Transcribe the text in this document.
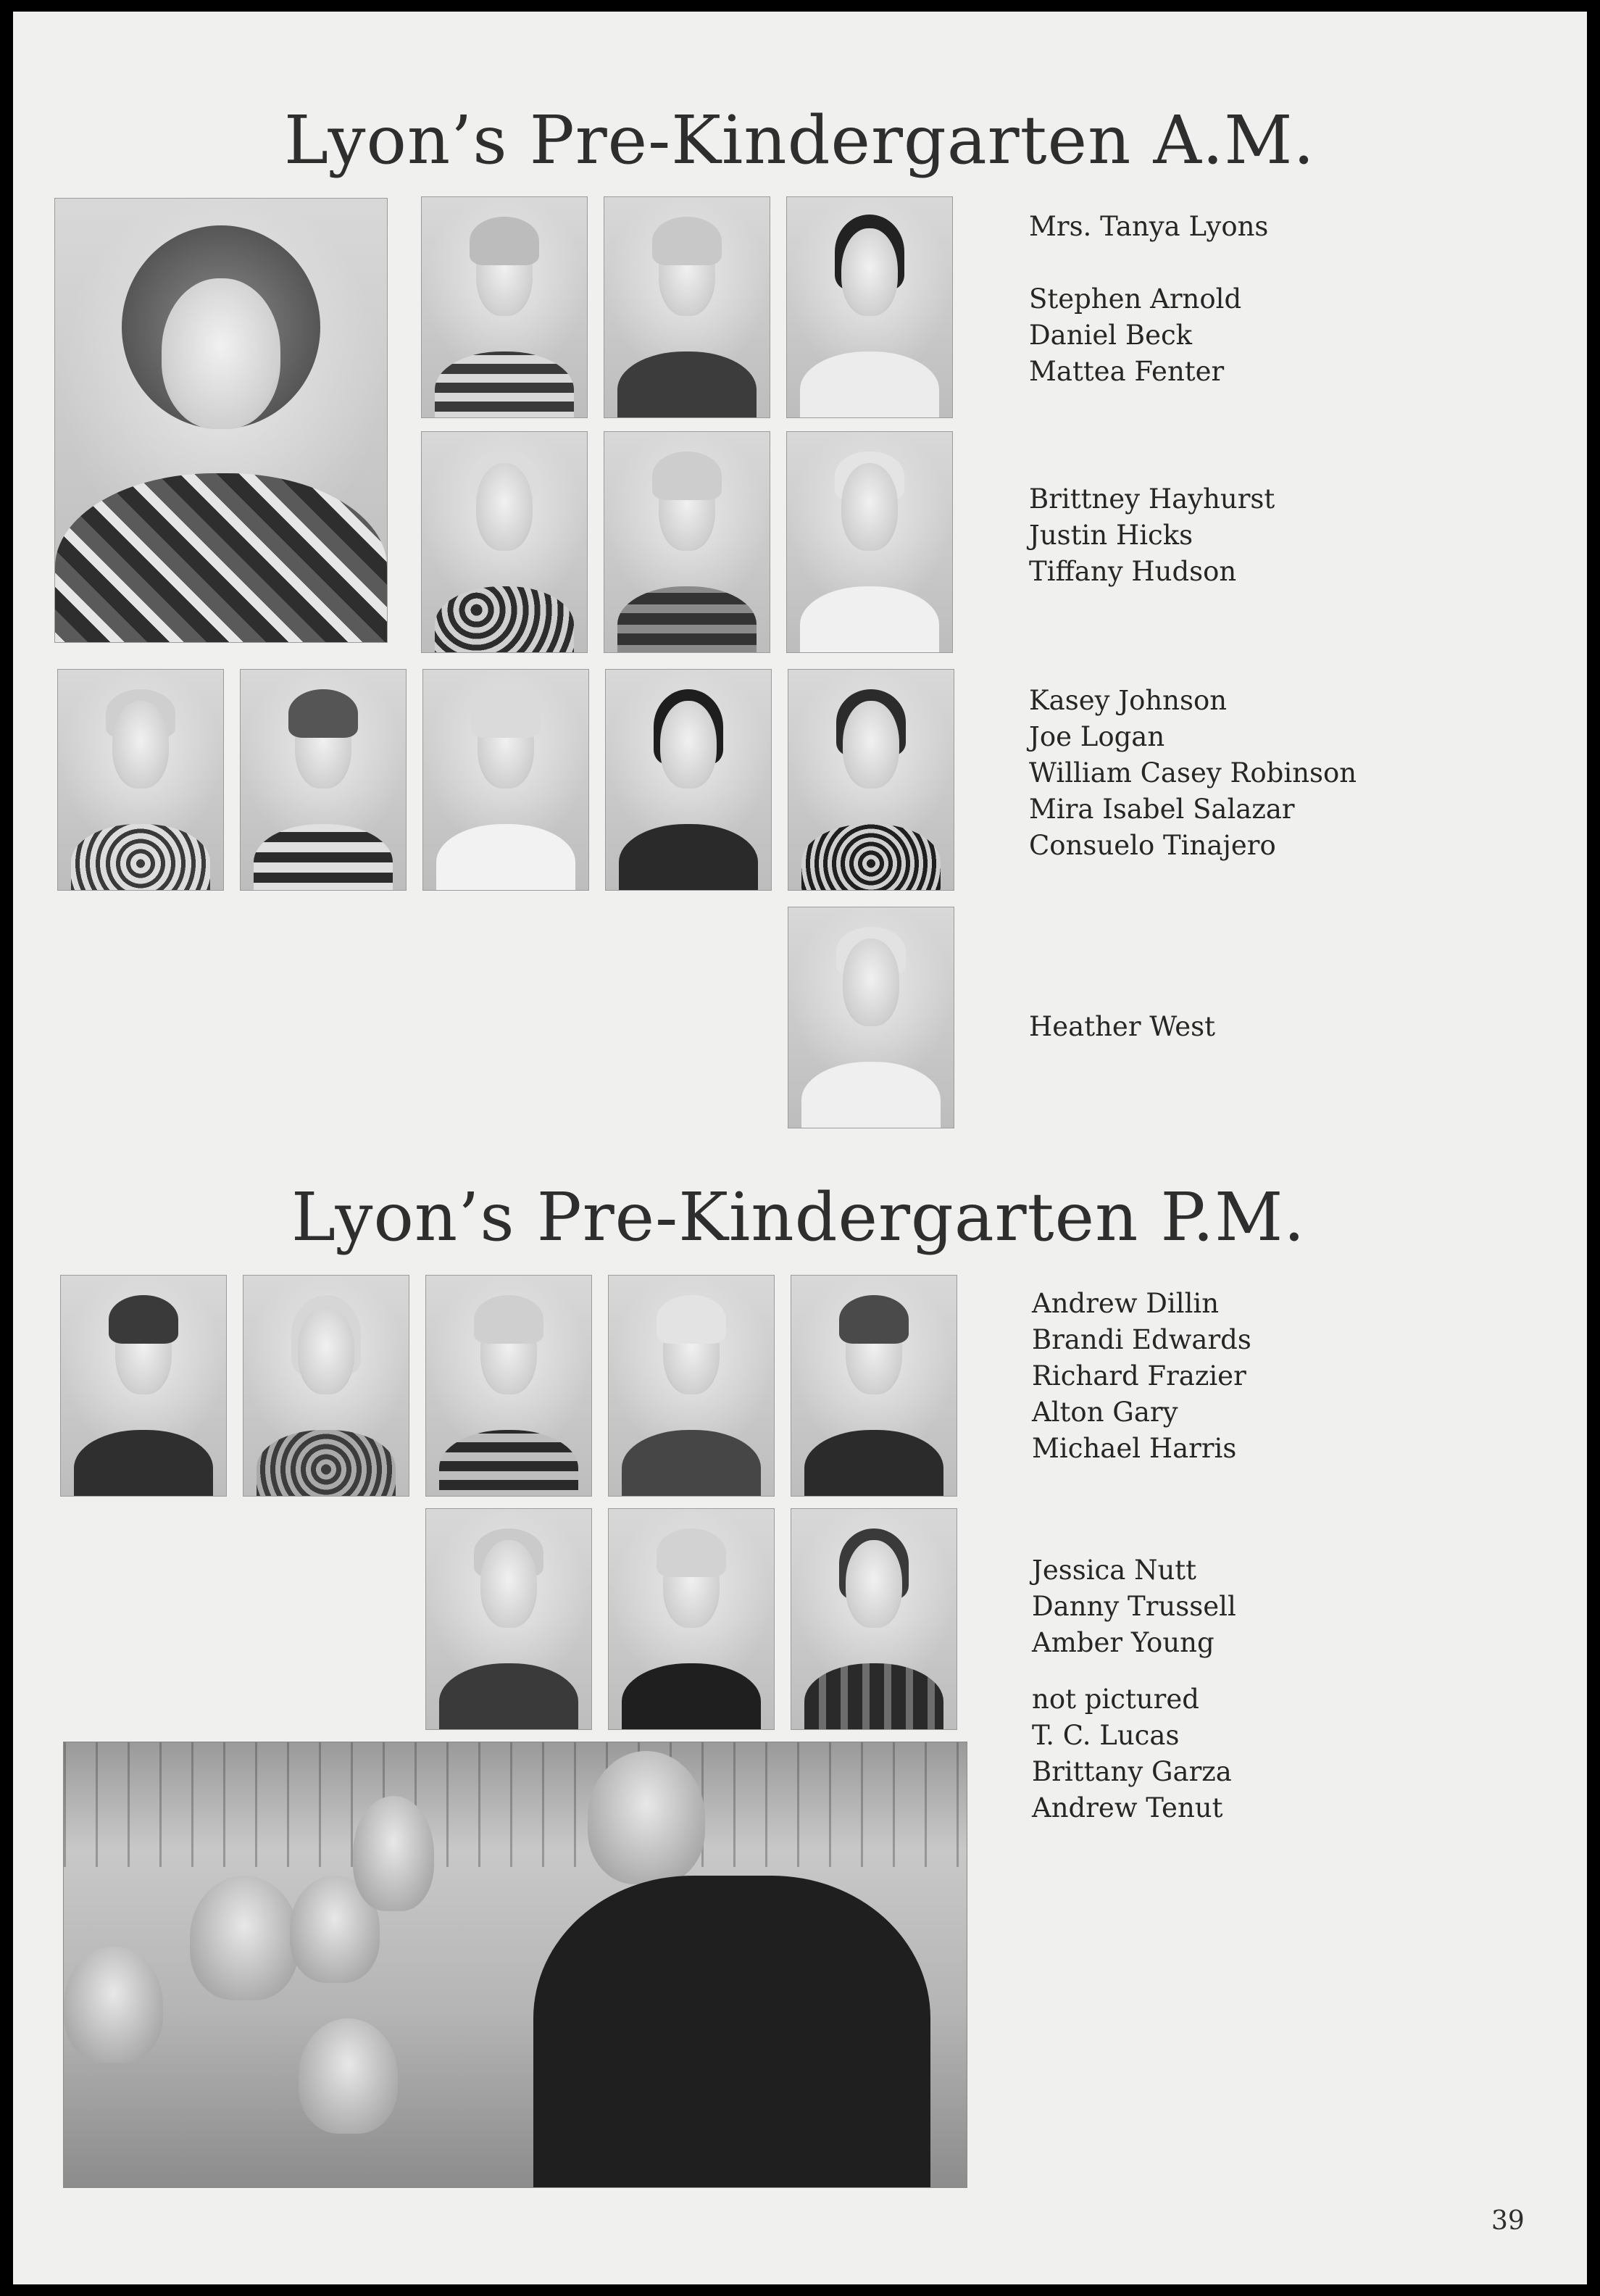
Lyon’s Pre-Kindergarten A.M.
Mrs. Tanya Lyons
Stephen Arnold
Daniel Beck
Mattea Fenter
Brittney Hayhurst
Justin Hicks
Tiffany Hudson
Kasey Johnson
Joe Logan
William Casey Robinson
Mira Isabel Salazar
Consuelo Tinajero
Heather West
Lyon’s Pre-Kindergarten P.M.
Andrew Dillin
Brandi Edwards
Richard Frazier
Alton Gary
Michael Harris
Jessica Nutt
Danny Trussell
Amber Young
not pictured
T. C. Lucas
Brittany Garza
Andrew Tenut

39
